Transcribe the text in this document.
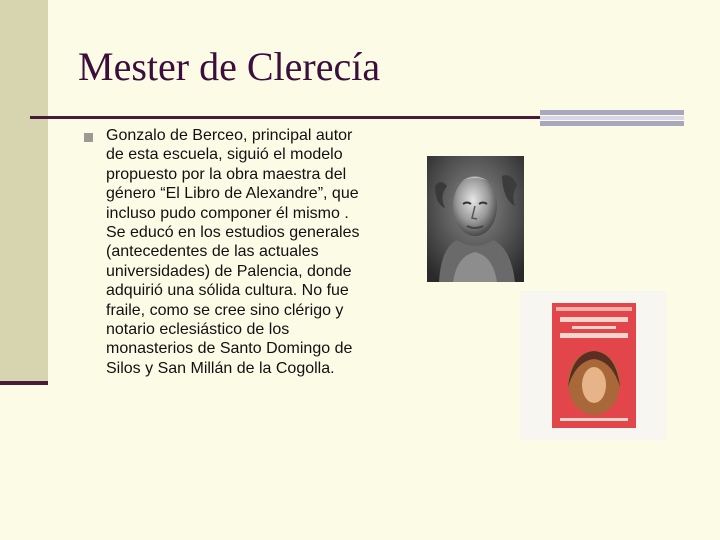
Mester de Clerecía
Gonzalo de Berceo, principal autor de esta escuela, siguió el modelo propuesto por la obra maestra del género “El Libro de Alexandre”, que incluso pudo componer él mismo . Se educó en los estudios generales (antecedentes de las actuales universidades) de Palencia, donde adquirió una sólida cultura. No fue fraile, como se cree sino clérigo y notario eclesiástico de los monasterios de Santo Domingo de Silos y San Millán de la Cogolla.
